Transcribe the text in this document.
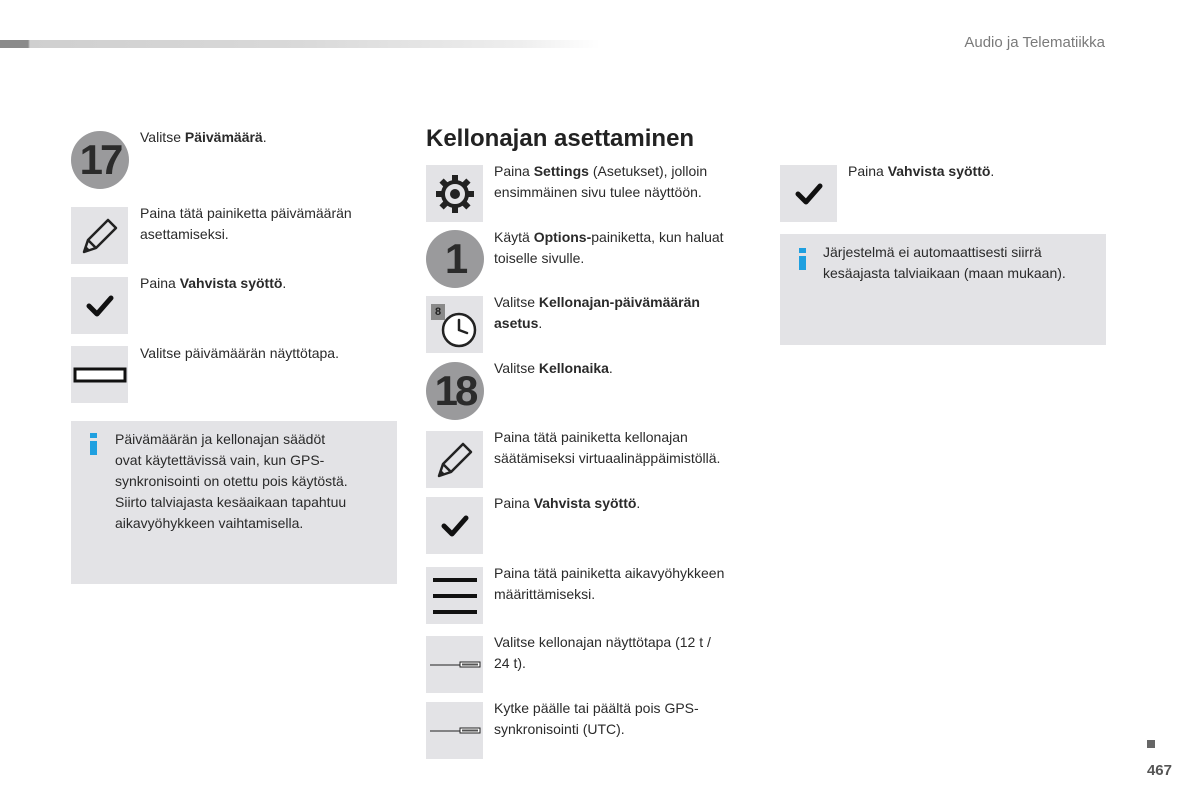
Audio ja Telematiikka
17	Valitse Päivämäärä.
Paina tätä painiketta päivämäärän asettamiseksi.
Paina Vahvista syöttö.
Valitse päivämäärän näyttötapa.
Päivämäärän ja kellonajan säädöt
ovat käytettävissä vain, kun GPS-
synkronisointi on otettu pois käytöstä.
Siirto talviajasta kesäaikaan tapahtuu
aikavyöhykkeen vaihtamisella.
Kellonajan asettaminen
Paina Settings (Asetukset), jolloin
ensimmäinen sivu tulee näyttöön.
1	Käytä Options-painiketta, kun haluat
toiselle sivulle.
8
Valitse Kellonajan-päivämäärän
asetus.
18	Valitse Kellonaika.
Paina tätä painiketta kellonajan
säätämiseksi virtuaalinäppäimistöllä.
Paina Vahvista syöttö.
Paina tätä painiketta aikavyöhykkeen
määrittämiseksi.
Valitse kellonajan näyttötapa (12 t /
24 t).
Kytke päälle tai päältä pois GPS-
synkronisointi (UTC).
Paina Vahvista syöttö.
Järjestelmä ei automaattisesti siirrä
kesäajasta talviaikaan (maan mukaan).
467
